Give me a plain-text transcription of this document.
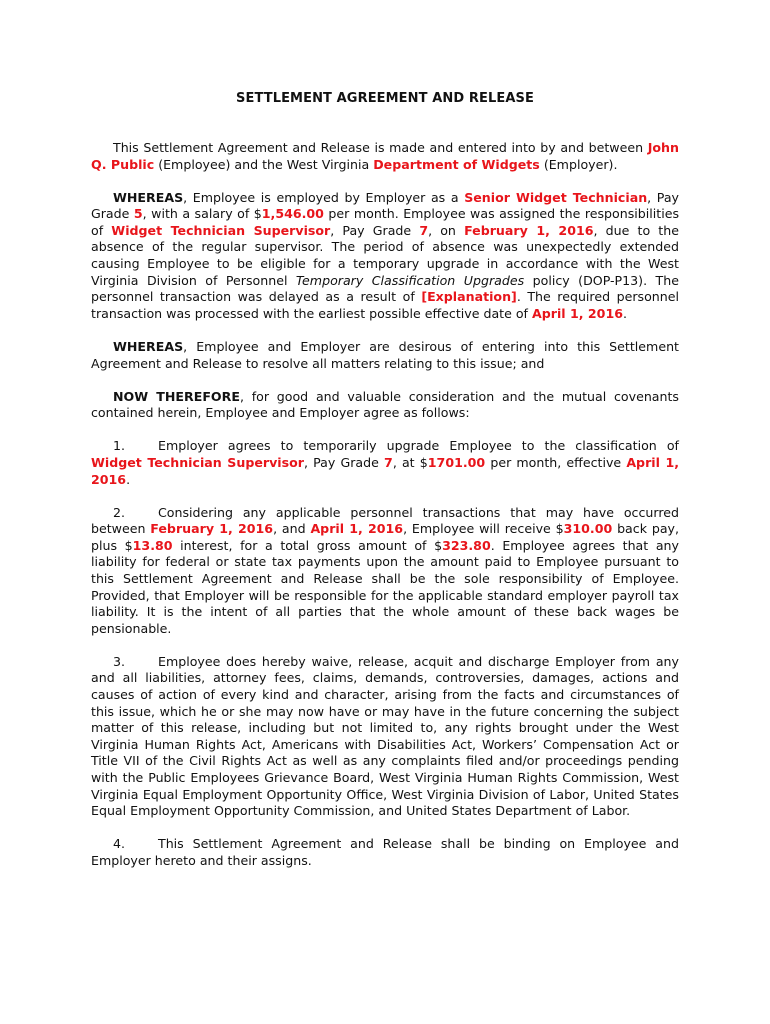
SETTLEMENT AGREEMENT AND RELEASE

This Settlement Agreement and Release is made and entered into by and between John Q. Public (Employee) and the West Virginia Department of Widgets (Employer).

WHEREAS, Employee is employed by Employer as a Senior Widget Technician, Pay Grade 5, with a salary of $1,546.00 per month. Employee was assigned the responsibilities of Widget Technician Supervisor, Pay Grade 7, on February 1, 2016, due to the absence of the regular supervisor. The period of absence was unexpectedly extended causing Employee to be eligible for a temporary upgrade in accordance with the West Virginia Division of Personnel Temporary Classification Upgrades policy (DOP-P13). The personnel transaction was delayed as a result of [Explanation]. The required personnel transaction was processed with the earliest possible effective date of April 1, 2016.

WHEREAS, Employee and Employer are desirous of entering into this Settlement Agreement and Release to resolve all matters relating to this issue; and

NOW THEREFORE, for good and valuable consideration and the mutual covenants contained herein, Employee and Employer agree as follows:

1.	Employer agrees to temporarily upgrade Employee to the classification of Widget Technician Supervisor, Pay Grade 7, at $1701.00 per month, effective April 1, 2016.

2.	Considering any applicable personnel transactions that may have occurred between February 1, 2016, and April 1, 2016, Employee will receive $310.00 back pay, plus $13.80 interest, for a total gross amount of $323.80. Employee agrees that any liability for federal or state tax payments upon the amount paid to Employee pursuant to this Settlement Agreement and Release shall be the sole responsibility of Employee. Provided, that Employer will be responsible for the applicable standard employer payroll tax liability. It is the intent of all parties that the whole amount of these back wages be pensionable.

3.	Employee does hereby waive, release, acquit and discharge Employer from any and all liabilities, attorney fees, claims, demands, controversies, damages, actions and causes of action of every kind and character, arising from the facts and circumstances of this issue, which he or she may now have or may have in the future concerning the subject matter of this release, including but not limited to, any rights brought under the West Virginia Human Rights Act, Americans with Disabilities Act, Workers’ Compensation Act or Title VII of the Civil Rights Act as well as any complaints filed and/or proceedings pending with the Public Employees Grievance Board, West Virginia Human Rights Commission, West Virginia Equal Employment Opportunity Office, West Virginia Division of Labor, United States Equal Employment Opportunity Commission, and United States Department of Labor.

4.	This Settlement Agreement and Release shall be binding on Employee and Employer hereto and their assigns.
